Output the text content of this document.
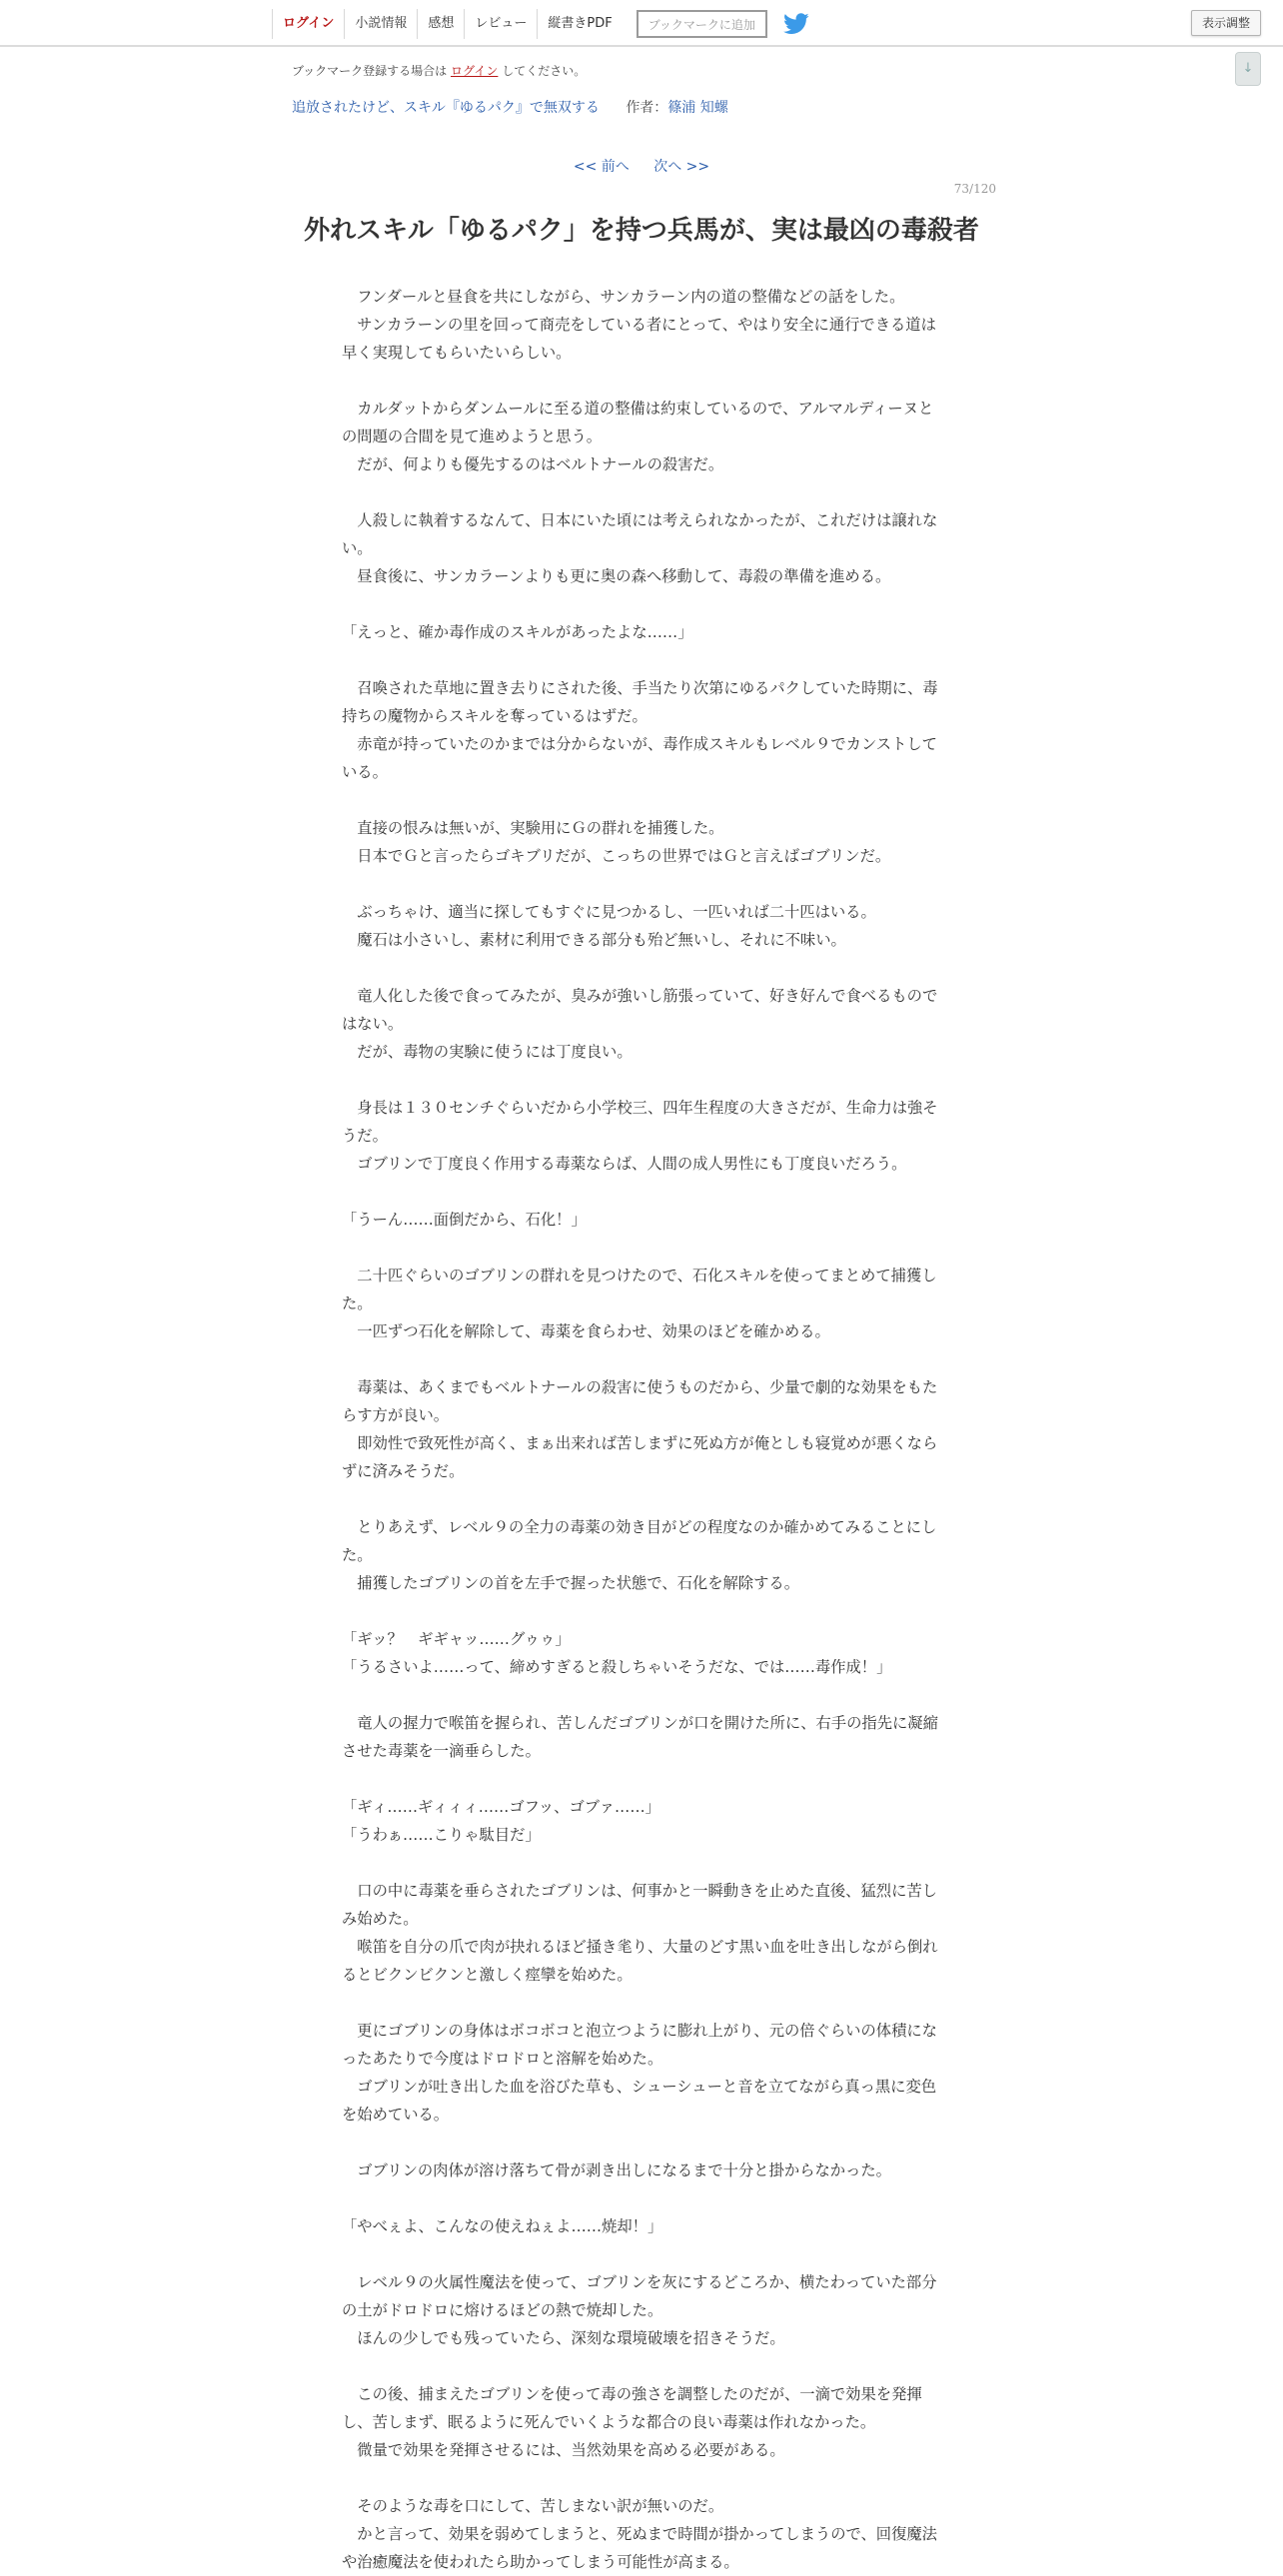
ログイン	小説情報	感想	レビュー	縦書きPDF	ブックマークに追加	表示調整
↓
ブックマーク登録する場合は ログイン してください。
追放されたけど、スキル『ゆるパク』で無双する 作者：篠浦 知螺
<< 前へ 次へ >>
73/120
外れスキル「ゆるパク」を持つ兵馬が、実は最凶の毒殺者

　フンダールと昼食を共にしながら、サンカラーン内の道の整備などの話をした。

　サンカラーンの里を回って商売をしている者にとって、やはり安全に通行できる道は早く実現してもらいたいらしい。

　カルダットからダンムールに至る道の整備は約束しているので、アルマルディーヌとの問題の合間を見て進めようと思う。

　だが、何よりも優先するのはベルトナールの殺害だ。

　人殺しに執着するなんて、日本にいた頃には考えられなかったが、これだけは譲れない。

　昼食後に、サンカラーンよりも更に奥の森へ移動して、毒殺の準備を進める。

「えっと、確か毒作成のスキルがあったよな……」

　召喚された草地に置き去りにされた後、手当たり次第にゆるパクしていた時期に、毒持ちの魔物からスキルを奪っているはずだ。

　赤竜が持っていたのかまでは分からないが、毒作成スキルもレベル９でカンストしている。

　直接の恨みは無いが、実験用にＧの群れを捕獲した。

　日本でＧと言ったらゴキブリだが、こっちの世界ではＧと言えばゴブリンだ。

　ぶっちゃけ、適当に探してもすぐに見つかるし、一匹いれば二十匹はいる。

　魔石は小さいし、素材に利用できる部分も殆ど無いし、それに不味い。

　竜人化した後で食ってみたが、臭みが強いし筋張っていて、好き好んで食べるものではない。

　だが、毒物の実験に使うには丁度良い。

　身長は１３０センチぐらいだから小学校三、四年生程度の大きさだが、生命力は強そうだ。

　ゴブリンで丁度良く作用する毒薬ならば、人間の成人男性にも丁度良いだろう。

「うーん……面倒だから、石化！」

　二十匹ぐらいのゴブリンの群れを見つけたので、石化スキルを使ってまとめて捕獲した。

　一匹ずつ石化を解除して、毒薬を食らわせ、効果のほどを確かめる。

　毒薬は、あくまでもベルトナールの殺害に使うものだから、少量で劇的な効果をもたらす方が良い。

　即効性で致死性が高く、まぁ出来れば苦しまずに死ぬ方が俺としも寝覚めが悪くならずに済みそうだ。

　とりあえず、レベル９の全力の毒薬の効き目がどの程度なのか確かめてみることにした。

　捕獲したゴブリンの首を左手で握った状態で、石化を解除する。

「ギッ？　ギギャッ……グゥゥ」

「うるさいよ……って、締めすぎると殺しちゃいそうだな、では……毒作成！」

　竜人の握力で喉笛を握られ、苦しんだゴブリンが口を開けた所に、右手の指先に凝縮させた毒薬を一滴垂らした。

「ギィ……ギィィィ……ゴフッ、ゴブァ……」

「うわぁ……こりゃ駄目だ」

　口の中に毒薬を垂らされたゴブリンは、何事かと一瞬動きを止めた直後、猛烈に苦しみ始めた。

　喉笛を自分の爪で肉が抉れるほど掻き毟り、大量のどす黒い血を吐き出しながら倒れるとビクンビクンと激しく痙攣を始めた。

　更にゴブリンの身体はボコボコと泡立つように膨れ上がり、元の倍ぐらいの体積になったあたりで今度はドロドロと溶解を始めた。

　ゴブリンが吐き出した血を浴びた草も、シューシューと音を立てながら真っ黒に変色を始めている。

　ゴブリンの肉体が溶け落ちて骨が剥き出しになるまで十分と掛からなかった。

「やべぇよ、こんなの使えねぇよ……焼却！」

　レベル９の火属性魔法を使って、ゴブリンを灰にするどころか、横たわっていた部分の土がドロドロに熔けるほどの熱で焼却した。

　ほんの少しでも残っていたら、深刻な環境破壊を招きそうだ。

　この後、捕まえたゴブリンを使って毒の強さを調整したのだが、一滴で効果を発揮し、苦しまず、眠るように死んでいくような都合の良い毒薬は作れなかった。

　微量で効果を発揮させるには、当然効果を高める必要がある。

　そのような毒を口にして、苦しまない訳が無いのだ。

　かと言って、効果を弱めてしまうと、死ぬまで時間が掛かってしまうので、回復魔法や治癒魔法を使われたら助かってしまう可能性が高まる。
